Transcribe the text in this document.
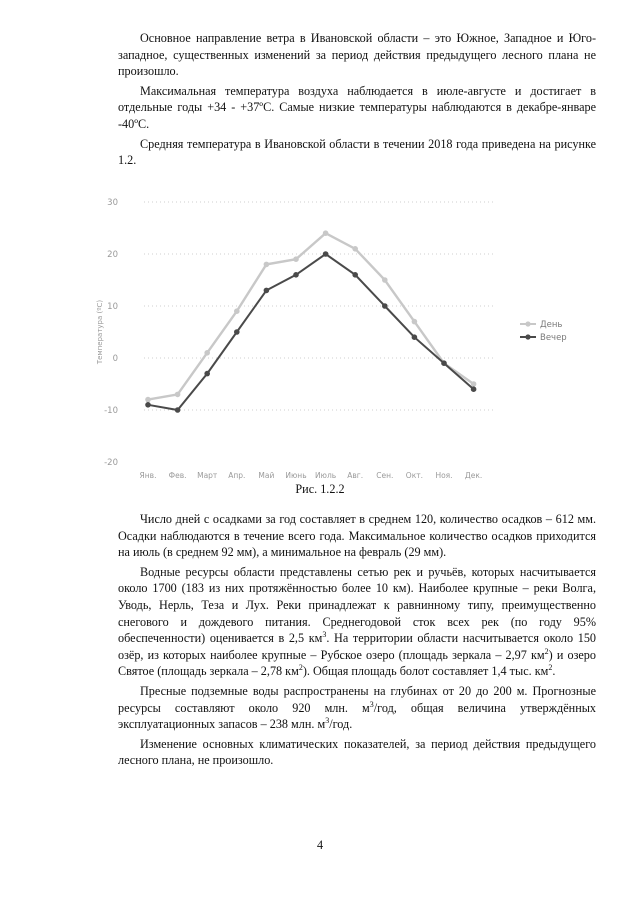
Основное направление ветра в Ивановской области – это Южное, Западное и Юго-западное, существенных изменений за период действия предыдущего лесного плана не произошло.

Максимальная температура воздуха наблюдается в июле-августе и достигает в отдельные годы +34 - +37ºС. Самые низкие температуры наблюдаются в декабре-январе -40ºС.

Средняя температура в Ивановской области в течении 2018 года приведена на рисунке 1.2.

30
20
10
0
-10
-20
Температура (ºС)
Янв. Фев. Март Апр. Май Июнь Июль Авг. Сен. Окт. Ноя. Дек.
День
Вечер
Рис. 1.2.2

Число дней с осадками за год составляет в среднем 120, количество осадков – 612 мм. Осадки наблюдаются в течение всего года. Максимальное количество осадков приходится на июль (в среднем 92 мм), а минимальное на февраль (29 мм).

Водные ресурсы области представлены сетью рек и ручьёв, которых насчитывается около 1700 (183 из них протяжённостью более 10 км). Наиболее крупные – реки Волга, Уводь, Нерль, Теза и Лух. Реки принадлежат к равнинному типу, преимущественно снегового и дождевого питания. Среднегодовой сток всех рек (по году 95% обеспеченности) оценивается в 2,5 $км^3$. На территории области насчитывается около 150 озёр, из которых наиболее крупные – Рубское озеро (площадь зеркала – 2,97 $км^2$) и озеро Святое (площадь зеркала – 2,78 $км^2$). Общая площадь болот составляет 1,4 тыс. $км^2$.

Пресные подземные воды распространены на глубинах от 20 до 200 м. Прогнозные ресурсы составляют около 920 млн. $м^3$/год, общая величина утверждённых эксплуатационных запасов – 238 млн. $м^3$/год.

Изменение основных климатических показателей, за период действия предыдущего лесного плана, не произошло.

4
